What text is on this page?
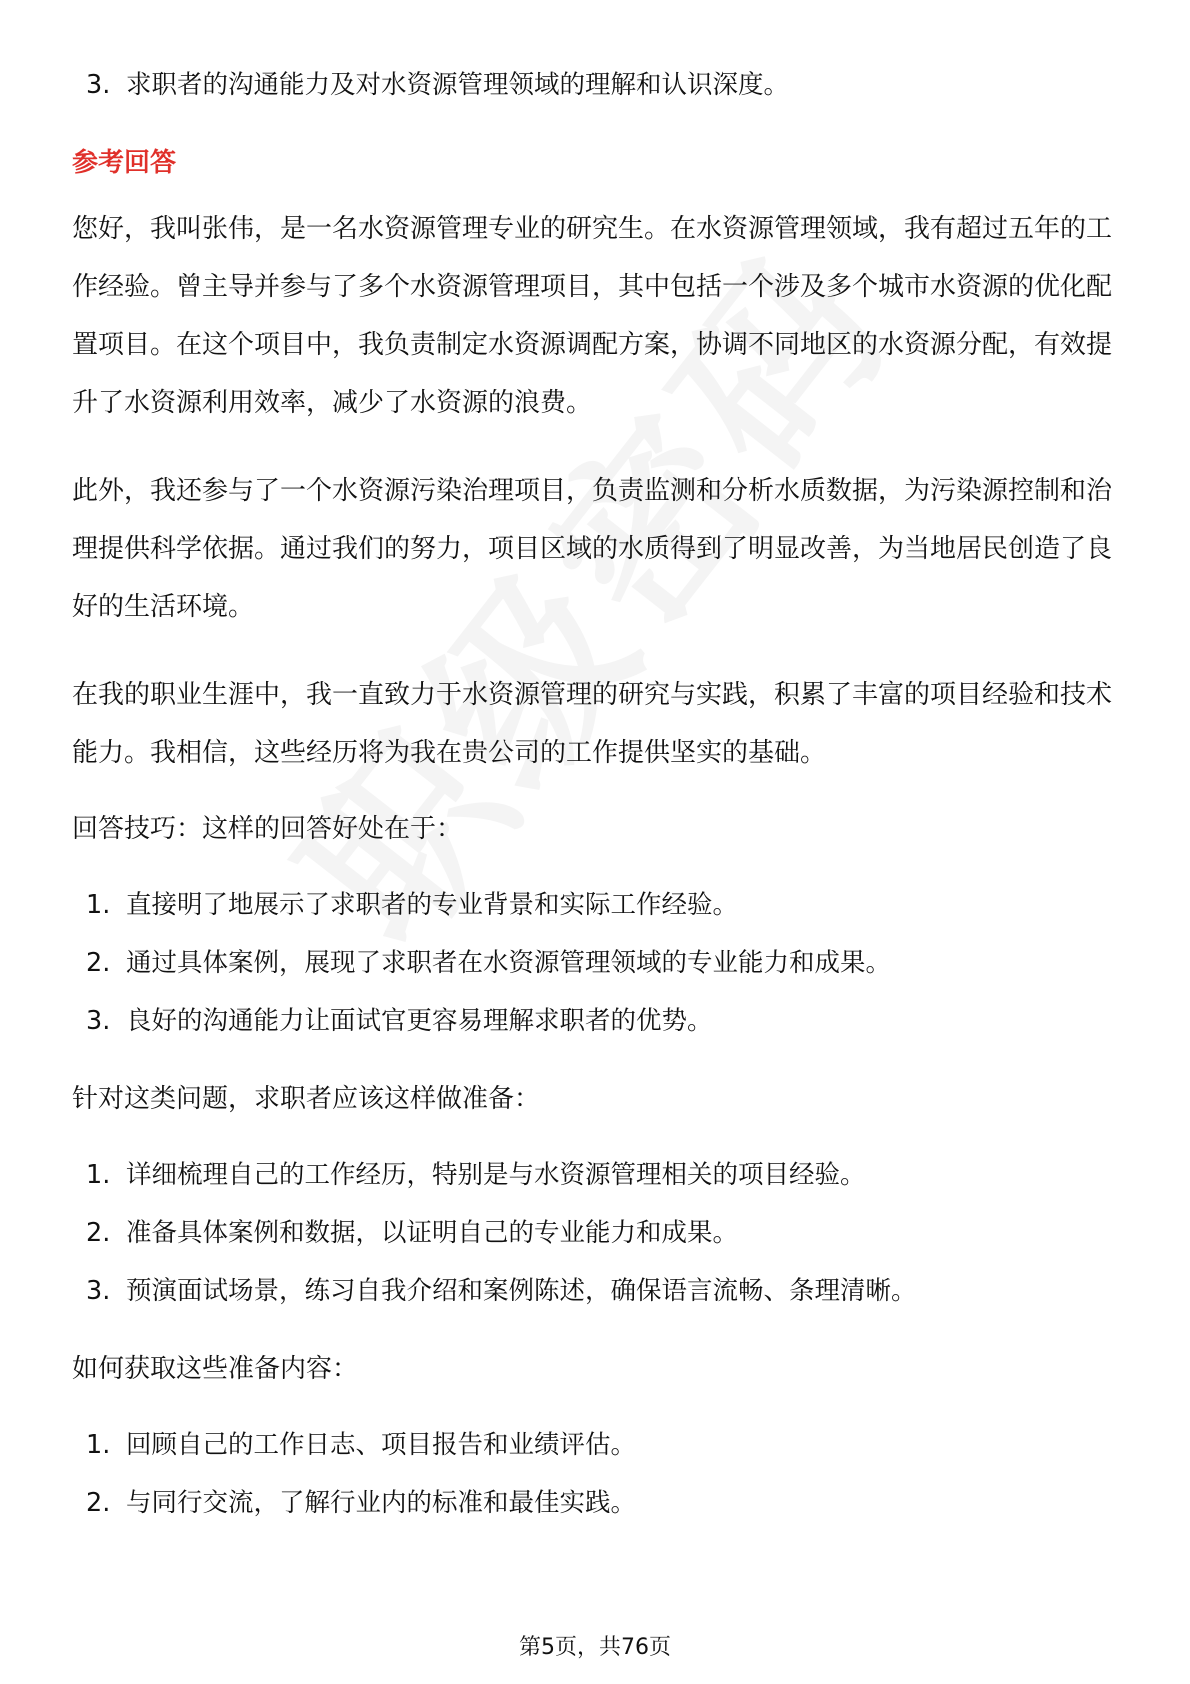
3. 求职者的沟通能力及对水资源管理领域的理解和认识深度。
参考回答

您好，我叫张伟，是一名水资源管理专业的研究生。在水资源管理领域，我有超过五年的工作经验。曾主导并参与了多个水资源管理项目，其中包括一个涉及多个城市水资源的优化配置项目。在这个项目中，我负责制定水资源调配方案，协调不同地区的水资源分配，有效提升了水资源利用效率，减少了水资源的浪费。

此外，我还参与了一个水资源污染治理项目，负责监测和分析水质数据，为污染源控制和治理提供科学依据。通过我们的努力，项目区域的水质得到了明显改善，为当地居民创造了良好的生活环境。

在我的职业生涯中，我一直致力于水资源管理的研究与实践，积累了丰富的项目经验和技术能力。我相信，这些经历将为我在贵公司的工作提供坚实的基础。

回答技巧：这样的回答好处在于：
1. 直接明了地展示了求职者的专业背景和实际工作经验。
2. 通过具体案例，展现了求职者在水资源管理领域的专业能力和成果。
3. 良好的沟通能力让面试官更容易理解求职者的优势。
针对这类问题，求职者应该这样做准备：
1. 详细梳理自己的工作经历，特别是与水资源管理相关的项目经验。
2. 准备具体案例和数据，以证明自己的专业能力和成果。
3. 预演面试场景，练习自我介绍和案例陈述，确保语言流畅、条理清晰。
如何获取这些准备内容：
1. 回顾自己的工作日志、项目报告和业绩评估。
2. 与同行交流，了解行业内的标准和最佳实践。
第5页，共76页
